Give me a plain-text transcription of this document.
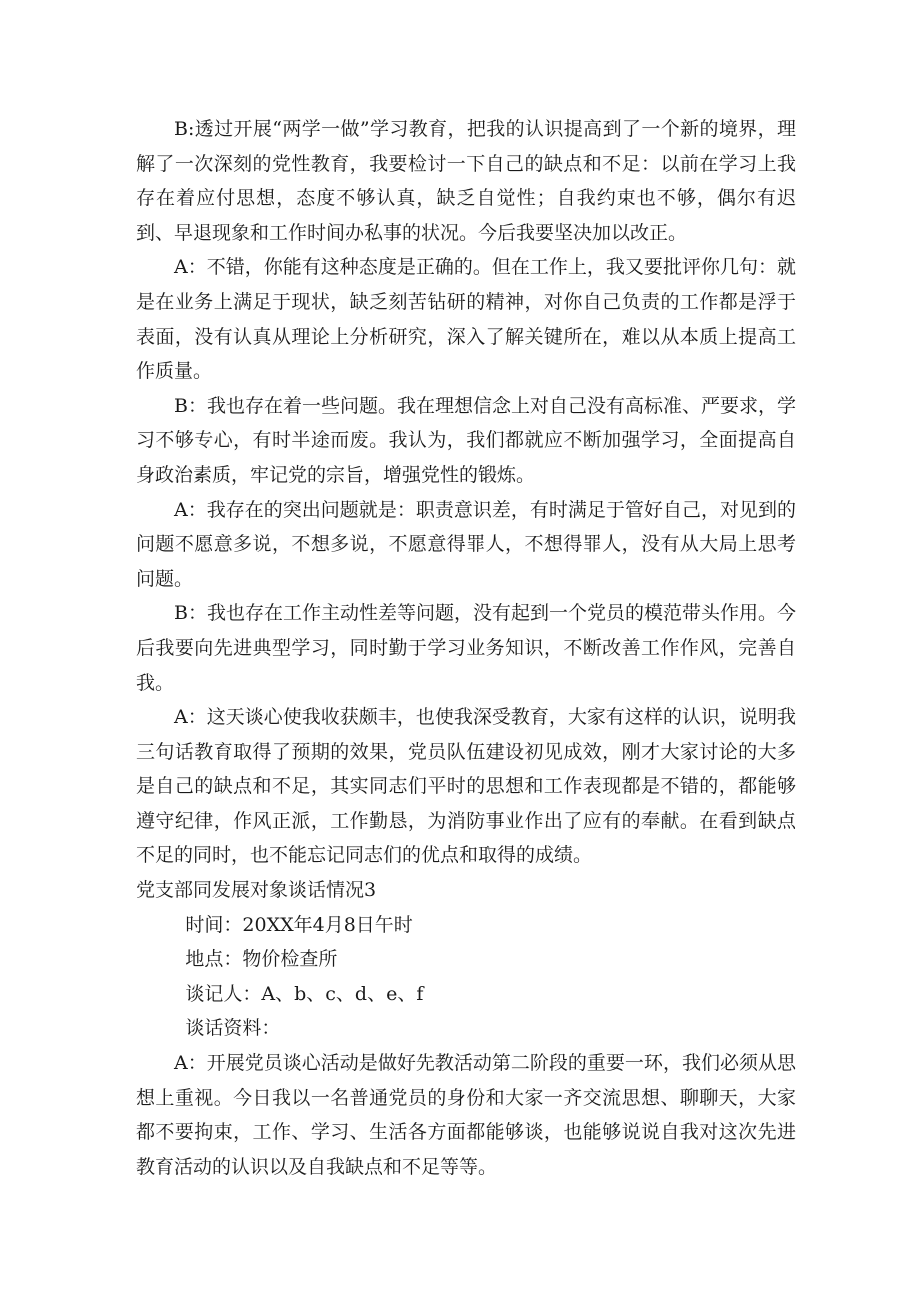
B:透过开展“两学一做”学习教育，把我的认识提高到了一个新的境界，理解了一次深刻的党性教育，我要检讨一下自己的缺点和不足：以前在学习上我存在着应付思想，态度不够认真，缺乏自觉性；自我约束也不够，偶尔有迟到、早退现象和工作时间办私事的状况。今后我要坚决加以改正。

A：不错，你能有这种态度是正确的。但在工作上，我又要批评你几句：就是在业务上满足于现状，缺乏刻苦钻研的精神，对你自己负责的工作都是浮于表面，没有认真从理论上分析研究，深入了解关键所在，难以从本质上提高工作质量。

B：我也存在着一些问题。我在理想信念上对自己没有高标准、严要求，学习不够专心，有时半途而废。我认为，我们都就应不断加强学习，全面提高自身政治素质，牢记党的宗旨，增强党性的锻炼。

A：我存在的突出问题就是：职责意识差，有时满足于管好自己，对见到的问题不愿意多说，不想多说，不愿意得罪人，不想得罪人，没有从大局上思考问题。

B：我也存在工作主动性差等问题，没有起到一个党员的模范带头作用。今后我要向先进典型学习，同时勤于学习业务知识，不断改善工作作风，完善自我。

A：这天谈心使我收获颇丰，也使我深受教育，大家有这样的认识，说明我三句话教育取得了预期的效果，党员队伍建设初见成效，刚才大家讨论的大多是自己的缺点和不足，其实同志们平时的思想和工作表现都是不错的，都能够遵守纪律，作风正派，工作勤恳，为消防事业作出了应有的奉献。在看到缺点不足的同时，也不能忘记同志们的优点和取得的成绩。

党支部同发展对象谈话情况3

时间：20XX年4月8日午时

地点：物价检查所

谈记人：A、b、c、d、e、f

谈话资料：

A：开展党员谈心活动是做好先教活动第二阶段的重要一环，我们必须从思想上重视。今日我以一名普通党员的身份和大家一齐交流思想、聊聊天，大家都不要拘束，工作、学习、生活各方面都能够谈，也能够说说自我对这次先进教育活动的认识以及自我缺点和不足等等。
